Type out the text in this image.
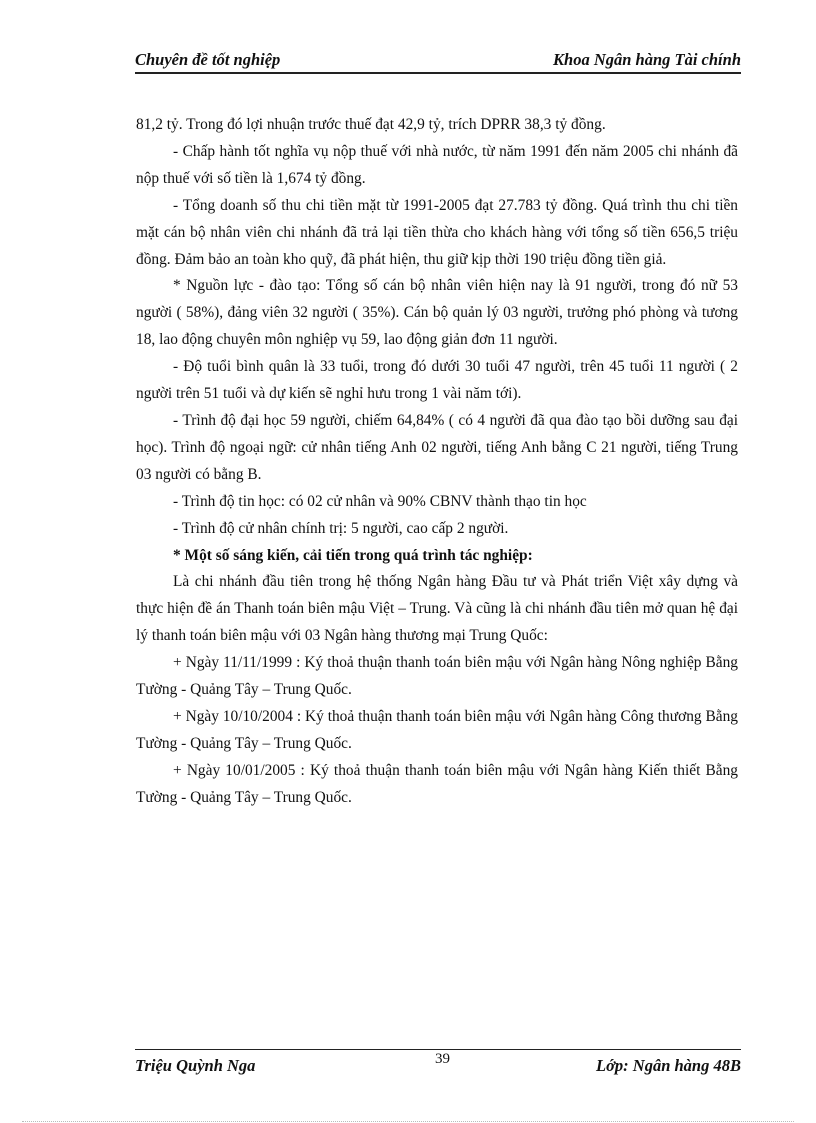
Chuyên đề tốt nghiệp	Khoa Ngân hàng Tài chính

81,2 tỷ. Trong đó lợi nhuận trước thuế đạt 42,9 tỷ, trích DPRR 38,3 tỷ đồng.

- Chấp hành tốt nghĩa vụ nộp thuế với nhà nước, từ năm 1991 đến năm 2005 chi nhánh đã nộp thuế với số tiền là 1,674 tỷ đồng.

- Tổng doanh số thu chi tiền mặt từ 1991-2005 đạt 27.783 tỷ đồng. Quá trình thu chi tiền mặt cán bộ nhân viên chi nhánh đã trả lại tiền thừa cho khách hàng với tổng số tiền 656,5 triệu đồng. Đảm bảo an toàn kho quỹ, đã phát hiện, thu giữ kịp thời 190 triệu đồng tiền giả.

* Nguồn lực - đào tạo: Tổng số cán bộ nhân viên hiện nay là 91 người, trong đó nữ 53 người ( 58%), đảng viên 32 người ( 35%). Cán bộ quản lý 03 người, trưởng phó phòng và tương 18, lao động chuyên môn nghiệp vụ 59, lao động giản đơn 11 người.

- Độ tuổi bình quân là 33 tuổi, trong đó dưới 30 tuổi 47 người, trên 45 tuổi 11 người ( 2 người trên 51 tuổi và dự kiến sẽ nghỉ hưu trong 1 vài năm tới).

- Trình độ đại học 59 người, chiếm 64,84% ( có 4 người đã qua đào tạo bồi dưỡng sau đại học). Trình độ ngoại ngữ: cử nhân tiếng Anh 02 người, tiếng Anh bằng C 21 người, tiếng Trung 03 người có bằng B.

- Trình độ tin học: có 02 cử nhân và 90% CBNV thành thạo tin học

- Trình độ cử nhân chính trị: 5 người, cao cấp 2 người.

* Một số sáng kiến, cải tiến trong quá trình tác nghiệp:

Là chi nhánh đầu tiên trong hệ thống Ngân hàng Đầu tư và Phát triển Việt xây dựng và thực hiện đề án Thanh toán biên mậu Việt – Trung. Và cũng là chi nhánh đầu tiên mở quan hệ đại lý thanh toán biên mậu với 03 Ngân hàng thương mại Trung Quốc:

+ Ngày 11/11/1999 : Ký thoả thuận thanh toán biên mậu với Ngân hàng Nông nghiệp Bằng Tường - Quảng Tây – Trung Quốc.

+ Ngày 10/10/2004 : Ký thoả thuận thanh toán biên mậu với Ngân hàng Công thương Bằng Tường - Quảng Tây – Trung Quốc.

+ Ngày 10/01/2005 : Ký thoả thuận thanh toán biên mậu với Ngân hàng Kiến thiết Bằng Tường - Quảng Tây – Trung Quốc.

Triệu Quỳnh Nga	39	Lớp: Ngân hàng 48B
